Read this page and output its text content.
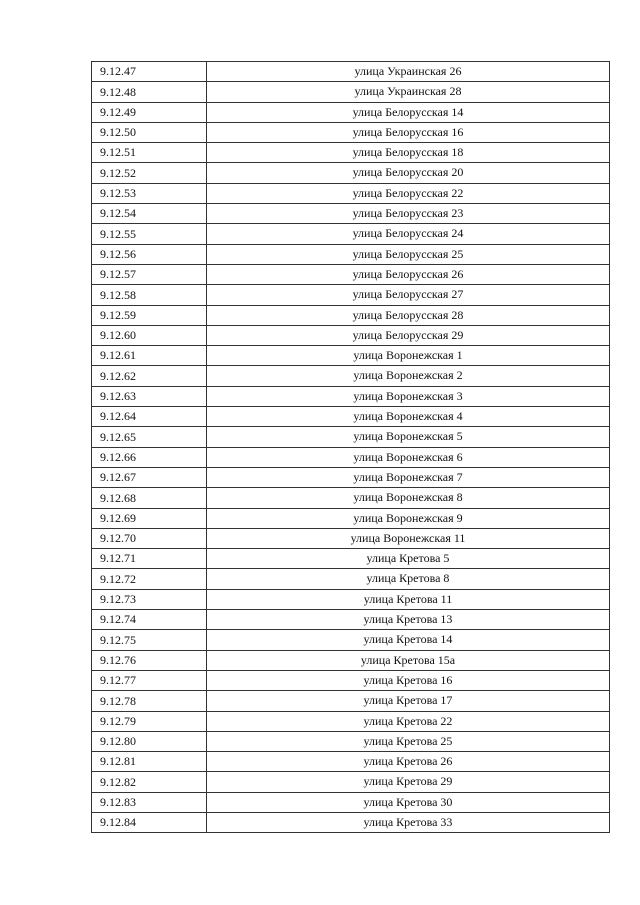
9.12.47	улица Украинская 26
9.12.48	улица Украинская 28
9.12.49	улица Белорусская 14
9.12.50	улица Белорусская 16
9.12.51	улица Белорусская 18
9.12.52	улица Белорусская 20
9.12.53	улица Белорусская 22
9.12.54	улица Белорусская 23
9.12.55	улица Белорусская 24
9.12.56	улица Белорусская 25
9.12.57	улица Белорусская 26
9.12.58	улица Белорусская 27
9.12.59	улица Белорусская 28
9.12.60	улица Белорусская 29
9.12.61	улица Воронежская 1
9.12.62	улица Воронежская 2
9.12.63	улица Воронежская 3
9.12.64	улица Воронежская 4
9.12.65	улица Воронежская 5
9.12.66	улица Воронежская 6
9.12.67	улица Воронежская 7
9.12.68	улица Воронежская 8
9.12.69	улица Воронежская 9
9.12.70	улица Воронежская 11
9.12.71	улица Кретова 5
9.12.72	улица Кретова 8
9.12.73	улица Кретова 11
9.12.74	улица Кретова 13
9.12.75	улица Кретова 14
9.12.76	улица Кретова 15а
9.12.77	улица Кретова 16
9.12.78	улица Кретова 17
9.12.79	улица Кретова 22
9.12.80	улица Кретова 25
9.12.81	улица Кретова 26
9.12.82	улица Кретова 29
9.12.83	улица Кретова 30
9.12.84	улица Кретова 33
